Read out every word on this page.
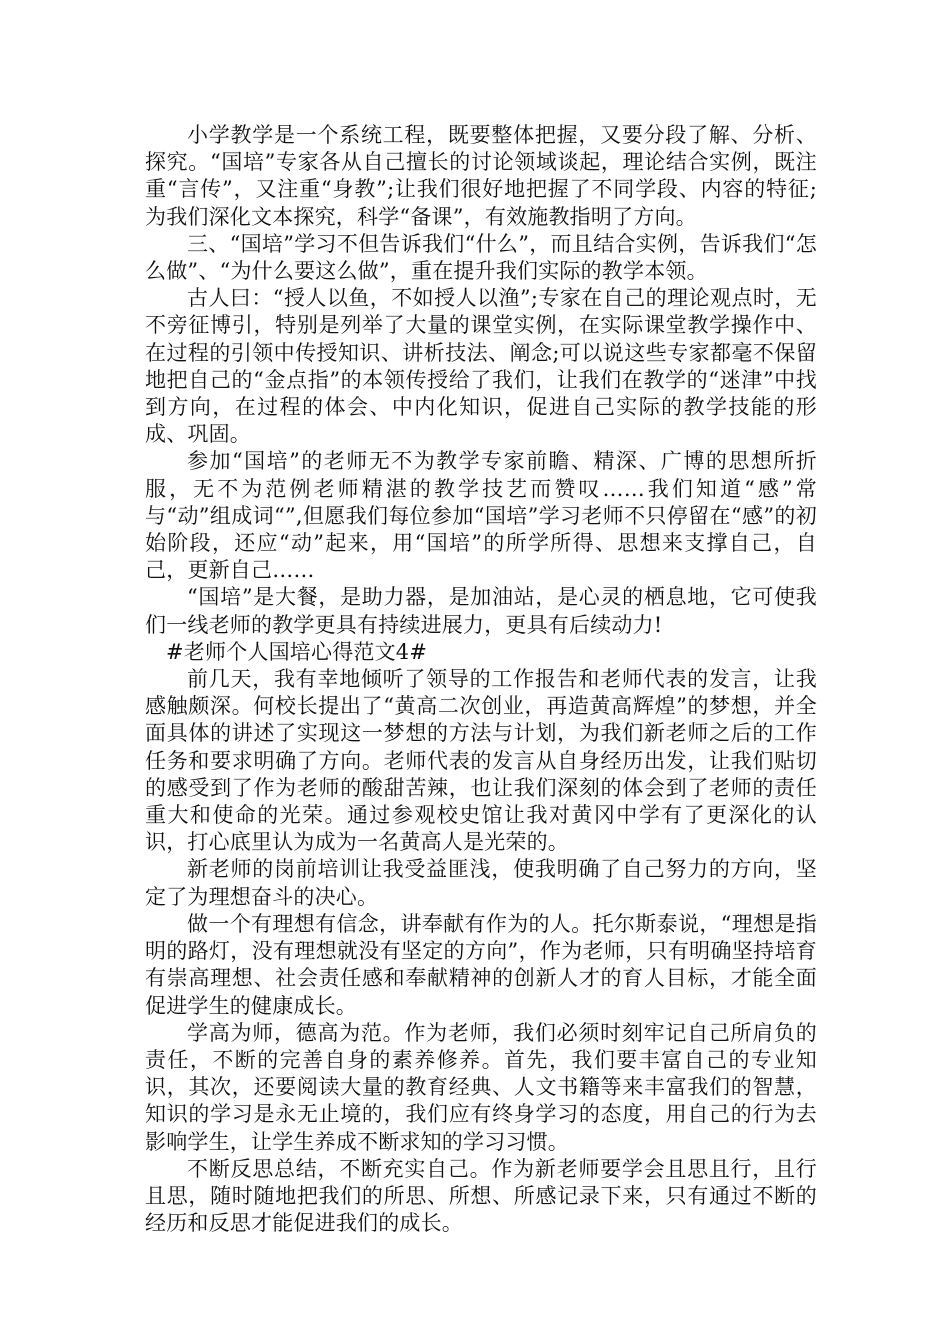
小学教学是一个系统工程，既要整体把握，又要分段了解、分析、探究。“国培”专家各从自己擅长的讨论领域谈起，理论结合实例，既注重“言传”，又注重“身教”;让我们很好地把握了不同学段、内容的特征;为我们深化文本探究，科学“备课”，有效施教指明了方向。

三、“国培”学习不但告诉我们“什么”，而且结合实例，告诉我们“怎么做”、“为什么要这么做”，重在提升我们实际的教学本领。

古人曰：“授人以鱼，不如授人以渔”;专家在自己的理论观点时，无不旁征博引，特别是列举了大量的课堂实例，在实际课堂教学操作中、在过程的引领中传授知识、讲析技法、阐念;可以说这些专家都毫不保留地把自己的“金点指”的本领传授给了我们，让我们在教学的“迷津”中找到方向，在过程的体会、中内化知识，促进自己实际的教学技能的形成、巩固。

参加“国培”的老师无不为教学专家前瞻、精深、广博的思想所折服，无不为范例老师精湛的教学技艺而赞叹……我们知道“感”常与“动”组成词“”,但愿我们每位参加“国培”学习老师不只停留在“感”的初始阶段，还应“动”起来，用“国培”的所学所得、思想来支撑自己，自己，更新自己……

“国培”是大餐，是助力器，是加油站，是心灵的栖息地，它可使我们一线老师的教学更具有持续进展力，更具有后续动力!

#老师个人国培心得范文4#

前几天，我有幸地倾听了领导的工作报告和老师代表的发言，让我感触颇深。何校长提出了“黄高二次创业，再造黄高辉煌”的梦想，并全面具体的讲述了实现这一梦想的方法与计划，为我们新老师之后的工作任务和要求明确了方向。老师代表的发言从自身经历出发，让我们贴切的感受到了作为老师的酸甜苦辣，也让我们深刻的体会到了老师的责任重大和使命的光荣。通过参观校史馆让我对黄冈中学有了更深化的认识，打心底里认为成为一名黄高人是光荣的。

新老师的岗前培训让我受益匪浅，使我明确了自己努力的方向，坚定了为理想奋斗的决心。

做一个有理想有信念，讲奉献有作为的人。托尔斯泰说，“理想是指明的路灯，没有理想就没有坚定的方向”，作为老师，只有明确坚持培育有崇高理想、社会责任感和奉献精神的创新人才的育人目标，才能全面促进学生的健康成长。

学高为师，德高为范。作为老师，我们必须时刻牢记自己所肩负的责任，不断的完善自身的素养修养。首先，我们要丰富自己的专业知识，其次，还要阅读大量的教育经典、人文书籍等来丰富我们的智慧，知识的学习是永无止境的，我们应有终身学习的态度，用自己的行为去影响学生，让学生养成不断求知的学习习惯。

不断反思总结，不断充实自己。作为新老师要学会且思且行，且行且思，随时随地把我们的所思、所想、所感记录下来，只有通过不断的经历和反思才能促进我们的成长。
